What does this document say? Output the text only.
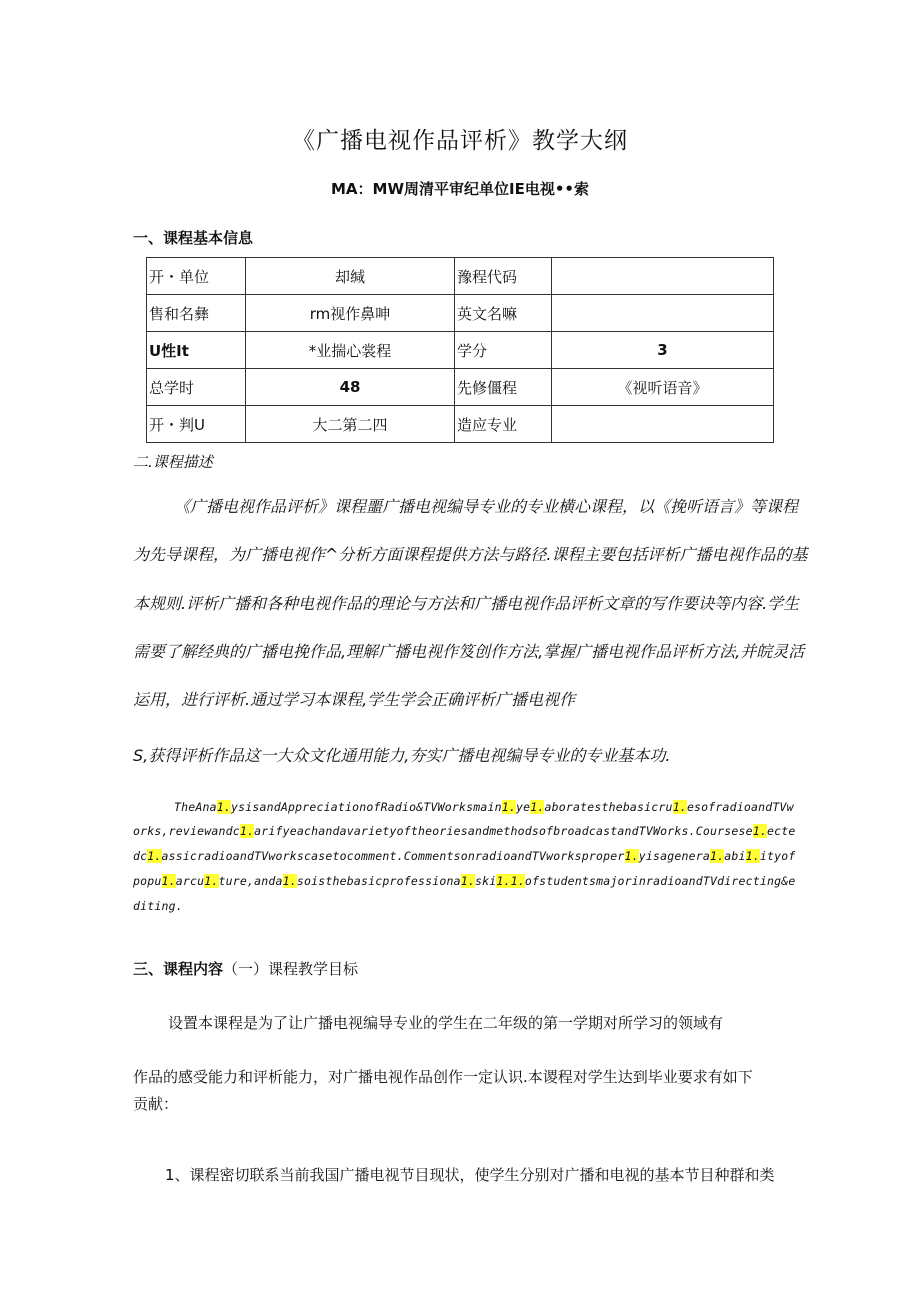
《广播电视作品评析》教学大纲
MA：MW周清平审纪单位IE电视••索
一、课程基本信息
开・单位	却缄	豫程代码	
售和名彝	rm视作鼻呻	英文名嘛	
U性It	*业揣心裳程	学分	3
总学时	48	先修僵程	《视听语音》
开・判U	大二第二四	造应专业	
二.课程描述
《广播电视作品评析》课程噩广播电视编导专业的专业横心课程，以《挽听语言》等课程
为先导课程，为广播电视作^分析方面课程提供方法与路径.课程主要包括评析广播电视作品的基
本规则.评析广播和各种电视作品的理论与方法和广播电视作品评析文章的写作要诀等内容.学生
需要了解经典的广播电挽作品,理解广播电视作笈创作方法,掌握广播电视作品评析方法,并皖灵活
运用，进行评析.通过学习本课程,学生学会正确评析广播电视作
S,获得评析作品这一大众文化通用能力,夯实广播电视编导专业的专业基本功.
TheAna1.ysisandAppreciationofRadio&TVWorksmain1.ye1.aboratesthebasicru1.esofradioandTVw
orks,reviewandc1.arifyeachandavarietyoftheoriesandmethodsofbroadcastandTVWorks.Coursese1.ecte
dc1.assicradioandTVworkscasetocomment.CommentsonradioandTVworksproper1.yisagenera1.abi1.ityof
popu1.arcu1.ture,anda1.soisthebasicprofessiona1.ski1.1.ofstudentsmajorinradioandTVdirecting&e
diting.
三、课程内容（一）课程教学目标
设置本课程是为了让广播电视编导专业的学生在二年级的第一学期对所学习的领域有
作品的感受能力和评析能力，对广播电视作品创作一定认识.本谡程对学生达到毕业要求有如下
贡献：
1、课程密切联系当前我国广播电视节目现状，使学生分别对广播和电视的基本节目种群和类
